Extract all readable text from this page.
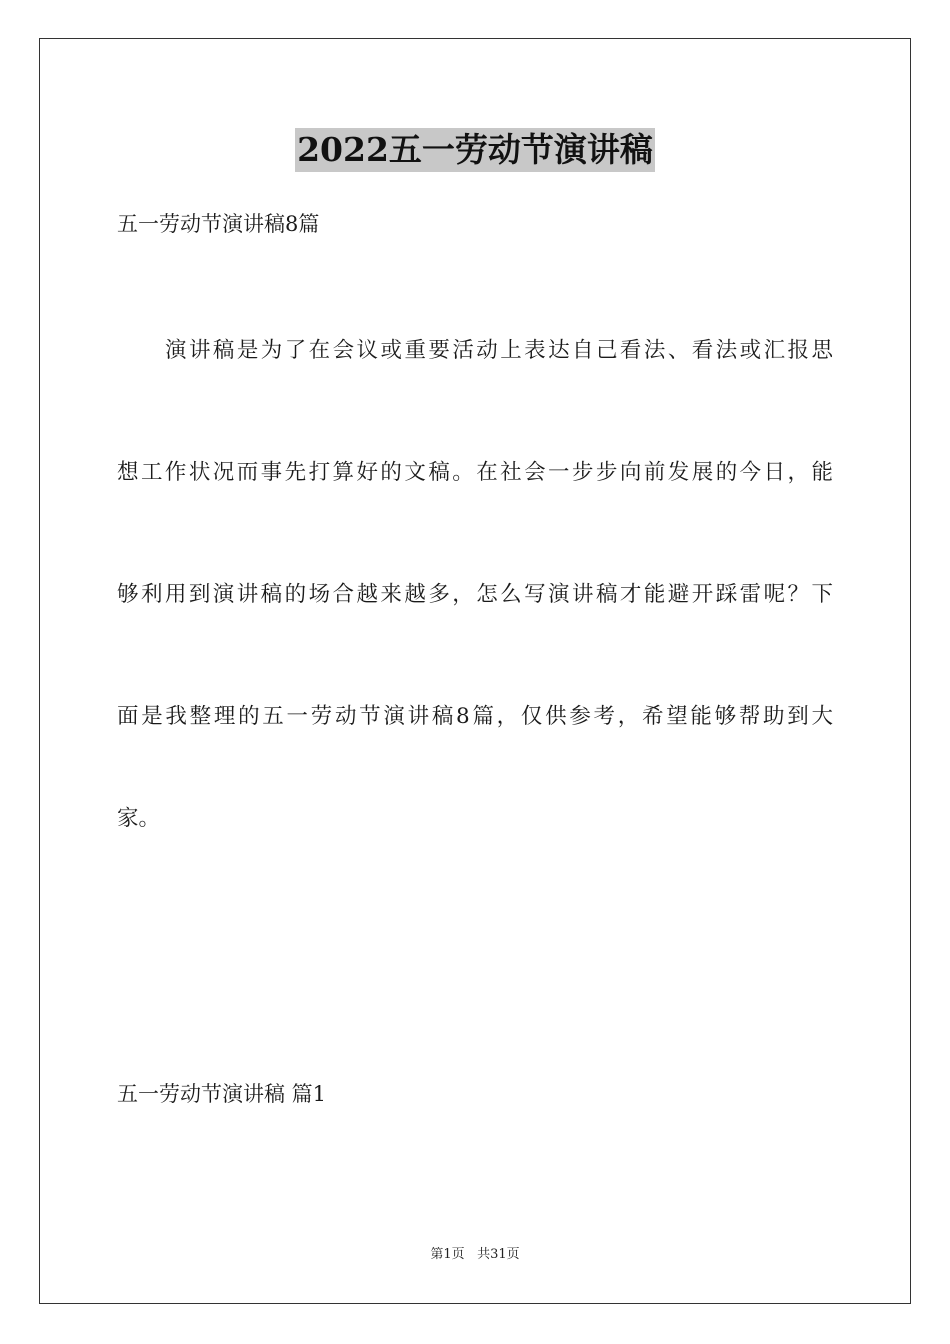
2022五一劳动节演讲稿
五一劳动节演讲稿8篇
演讲稿是为了在会议或重要活动上表达自己看法、看法或汇报思
想工作状况而事先打算好的文稿。在社会一步步向前发展的今日，能
够利用到演讲稿的场合越来越多，怎么写演讲稿才能避开踩雷呢？下
面是我整理的五一劳动节演讲稿8篇，仅供参考，希望能够帮助到大
家。
五一劳动节演讲稿 篇1
第1页 共31页
